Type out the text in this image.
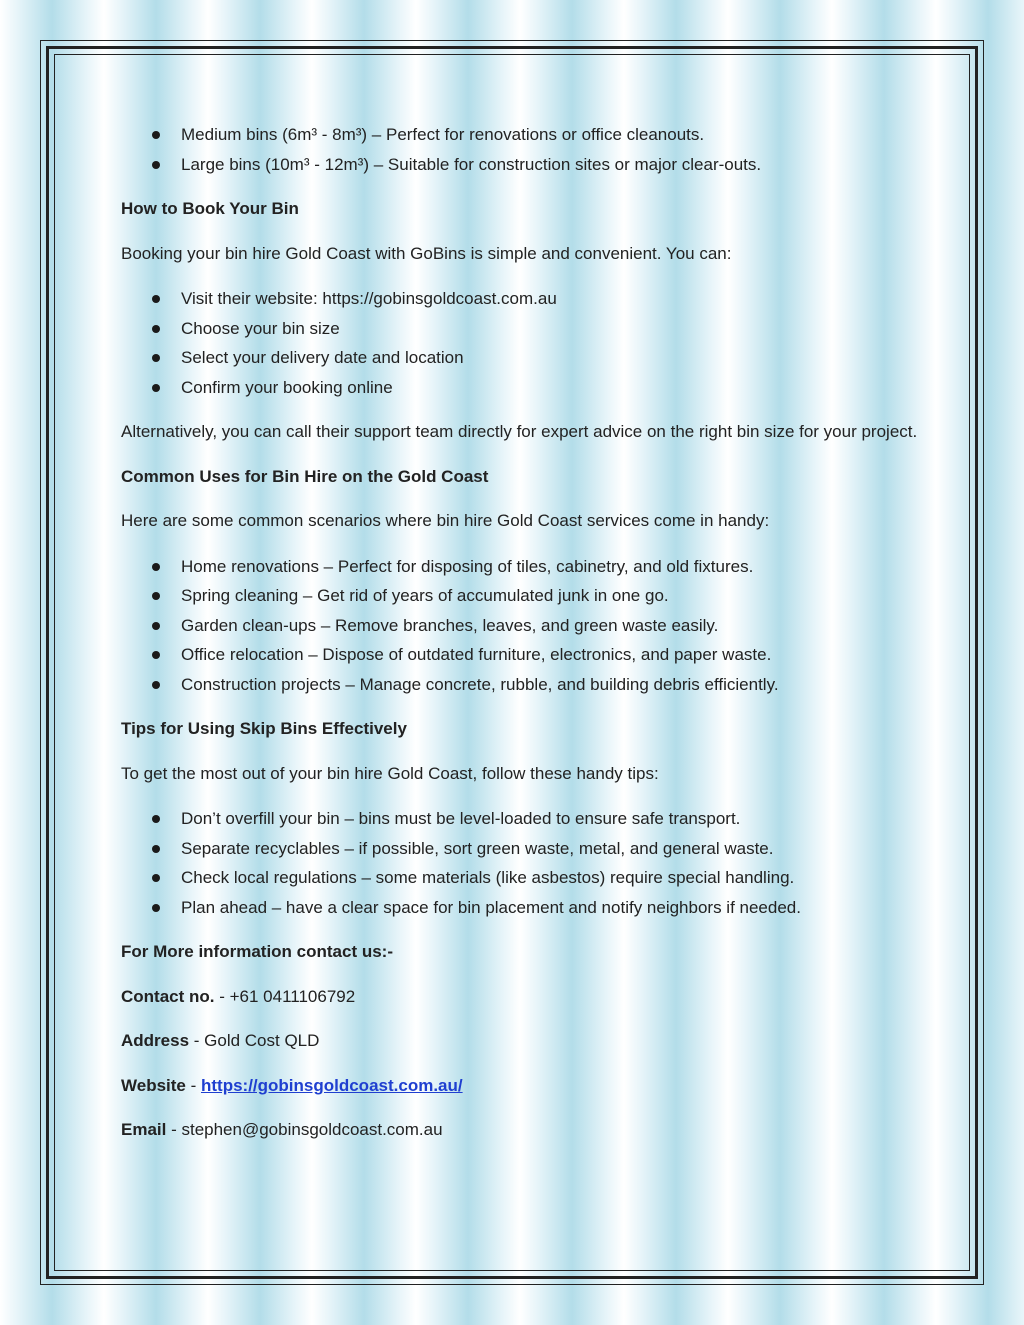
Medium bins (6m³ - 8m³) – Perfect for renovations or office cleanouts.
Large bins (10m³ - 12m³) – Suitable for construction sites or major clear-outs.

How to Book Your Bin

Booking your bin hire Gold Coast with GoBins is simple and convenient. You can:

Visit their website: https://gobinsgoldcoast.com.au
Choose your bin size
Select your delivery date and location
Confirm your booking online

Alternatively, you can call their support team directly for expert advice on the right bin size for your project.

Common Uses for Bin Hire on the Gold Coast

Here are some common scenarios where bin hire Gold Coast services come in handy:

Home renovations – Perfect for disposing of tiles, cabinetry, and old fixtures.
Spring cleaning – Get rid of years of accumulated junk in one go.
Garden clean-ups – Remove branches, leaves, and green waste easily.
Office relocation – Dispose of outdated furniture, electronics, and paper waste.
Construction projects – Manage concrete, rubble, and building debris efficiently.

Tips for Using Skip Bins Effectively

To get the most out of your bin hire Gold Coast, follow these handy tips:

Don’t overfill your bin – bins must be level-loaded to ensure safe transport.
Separate recyclables – if possible, sort green waste, metal, and general waste.
Check local regulations – some materials (like asbestos) require special handling.
Plan ahead – have a clear space for bin placement and notify neighbors if needed.

For More information contact us:-

Contact no. - +61 0411106792

Address - Gold Cost QLD

Website - https://gobinsgoldcoast.com.au/

Email - stephen@gobinsgoldcoast.com.au
